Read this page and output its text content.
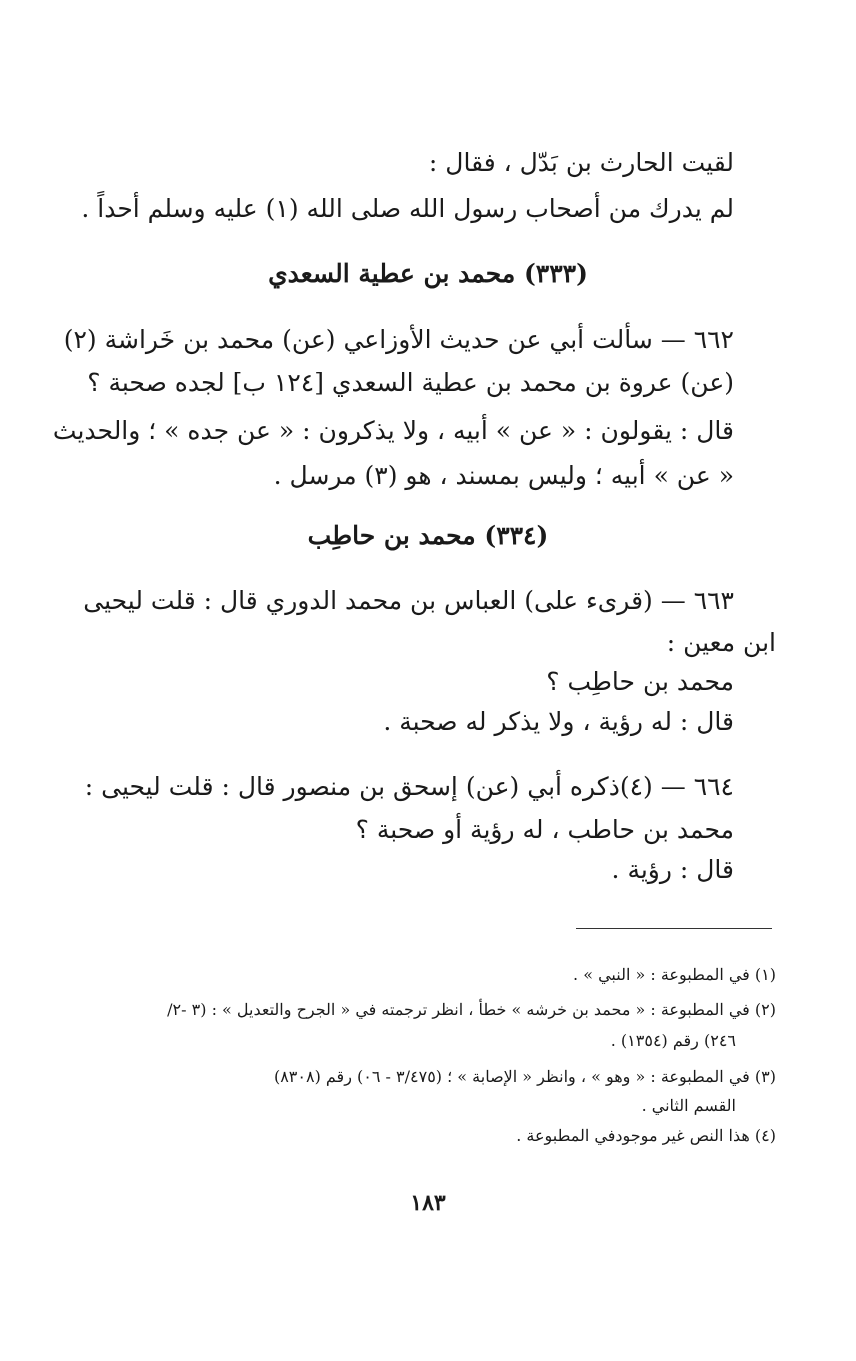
لقيت الحارث بن بَدّل ، فقال :
لم يدرك من أصحاب رسول الله صلى الله (١) عليه وسلم أحداً .
(٣٣٣) محمد بن عطية السعدي
٦٦٢ — سألت أبي عن حديث الأوزاعي (عن) محمد بن خَراشة (٢)
(عن) عروة بن محمد بن عطية السعدي [١٢٤ ب] لجده صحبة ؟
قال : يقولون : « عن » أبيه ، ولا يذكرون : « عن جده » ؛ والحديث
« عن » أبيه ؛ وليس بمسند ، هو (٣) مرسل .
(٣٣٤) محمد بن حاطِب
٦٦٣ — (قرىء على) العباس بن محمد الدوري قال : قلت ليحيى
ابن معين :
محمد بن حاطِب ؟
قال : له رؤية ، ولا يذكر له صحبة .
٦٦٤ — (٤)ذكره أبي (عن) إسحق بن منصور قال : قلت ليحيى :
محمد بن حاطب ، له رؤية أو صحبة ؟
قال : رؤية .
(١) في المطبوعة : « النبي » .
(٢) في المطبوعة : « محمد بن خرشه » خطأ ، انظر ترجمته في « الجرح والتعديل » : (٣ -٢/
٢٤٦) رقم (١٣٥٤) .
(٣) في المطبوعة : « وهو » ، وانظر « الإصابة » ؛ (٣/٤٧٥ - ٠٦) رقم (٨٣٠٨)
القسم الثاني .
(٤) هذا النص غير موجودفي المطبوعة .
١٨٣
